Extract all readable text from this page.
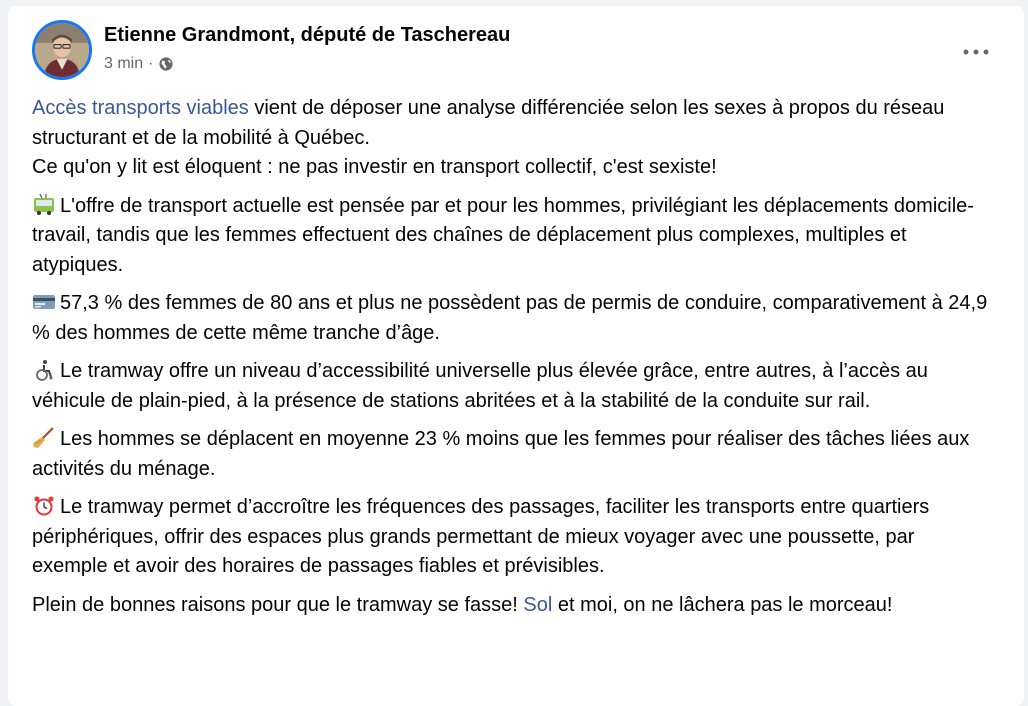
Etienne Grandmont, député de Taschereau
3 min ·

Accès transports viables vient de déposer une analyse différenciée selon les sexes à propos du réseau structurant et de la mobilité à Québec.
Ce qu'on y lit est éloquent : ne pas investir en transport collectif, c'est sexiste!

L'offre de transport actuelle est pensée par et pour les hommes, privilégiant les déplacements domicile-travail, tandis que les femmes effectuent des chaînes de déplacement plus complexes, multiples et atypiques.

57,3 % des femmes de 80 ans et plus ne possèdent pas de permis de conduire, comparativement à 24,9 % des hommes de cette même tranche d’âge.

Le tramway offre un niveau d’accessibilité universelle plus élevée grâce, entre autres, à l’accès au véhicule de plain-pied, à la présence de stations abritées et à la stabilité de la conduite sur rail.

Les hommes se déplacent en moyenne 23 % moins que les femmes pour réaliser des tâches liées aux activités du ménage.

Le tramway permet d’accroître les fréquences des passages, faciliter les transports entre quartiers périphériques, offrir des espaces plus grands permettant de mieux voyager avec une poussette, par exemple et avoir des horaires de passages fiables et prévisibles.

Plein de bonnes raisons pour que le tramway se fasse! Sol et moi, on ne lâchera pas le morceau!
